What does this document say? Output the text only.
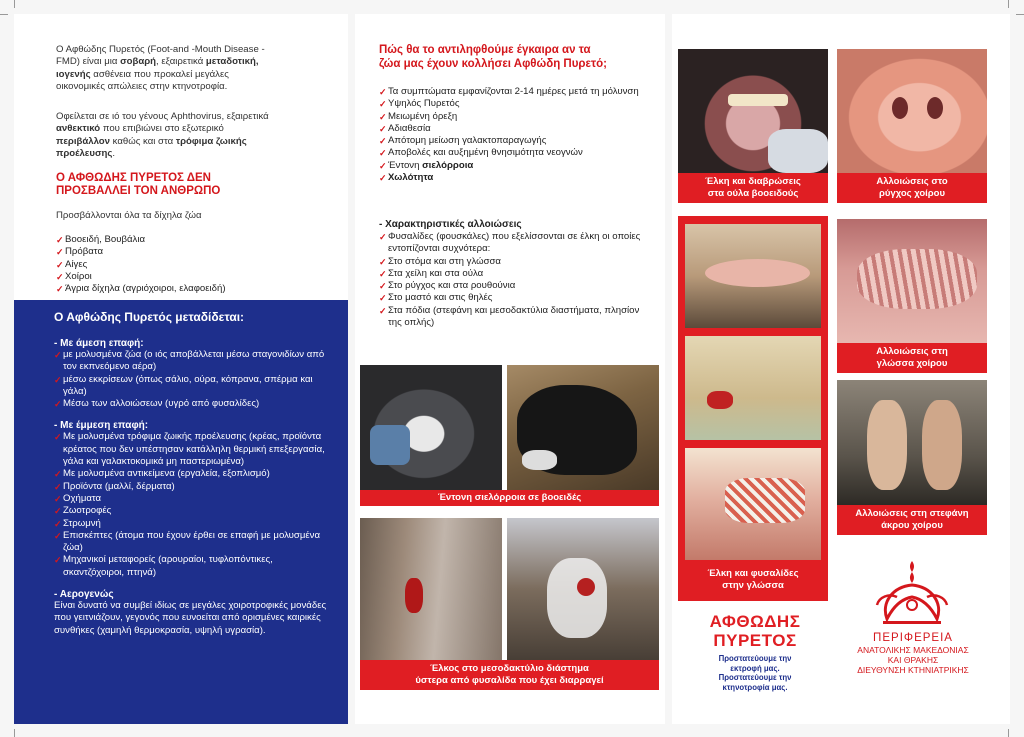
Ο Αφθώδης Πυρετός (Foot-and -Mouth Disease -
FMD) είναι μια σοβαρή, εξαιρετικά μεταδοτική,
ιογενής ασθένεια που προκαλεί μεγάλες
οικονομικές απώλειες στην κτηνοτροφία.
Οφείλεται σε ιό του γένους Aphthovirus, εξαιρετικά
ανθεκτικό που επιβιώνει στο εξωτερικό
περιβάλλον καθώς και στα τρόφιμα ζωικής
προέλευσης.
Ο ΑΦΘΩΔΗΣ ΠΥΡΕΤΟΣ ΔΕΝ
ΠΡΟΣΒΑΛΛΕΙ ΤΟΝ ΑΝΘΡΩΠΟ
Προσβάλλονται όλα τα δίχηλα ζώα
✓ Βοοειδή, Βουβάλια
✓ Πρόβατα
✓ Αίγες
✓ Χοίροι
✓ Άγρια δίχηλα (αγριόχοιροι, ελαφοειδή)
Ο Αφθώδης Πυρετός μεταδίδεται:
- Με άμεση επαφή:
✓ με μολυσμένα ζώα (ο ιός αποβάλλεται μέσω σταγονιδίων από τον εκπνεόμενο αέρα)
✓ μέσω εκκρίσεων (όπως σάλιο, ούρα, κόπρανα, σπέρμα και γάλα)
✓ Μέσω των αλλοιώσεων (υγρό από φυσαλίδες)
- Με έμμεση επαφή:
✓ Με μολυσμένα τρόφιμα ζωικής προέλευσης (κρέας, προϊόντα κρέατος που δεν υπέστησαν κατάλληλη θερμική επεξεργασία, γάλα και γαλακτοκομικά μη παστεριωμένα)
✓ Με μολυσμένα αντικείμενα (εργαλεία, εξοπλισμό)
✓ Προϊόντα (μαλλί, δέρματα)
✓ Οχήματα
✓ Ζωοτροφές
✓ Στρωμνή
✓ Επισκέπτες (άτομα που έχουν έρθει σε επαφή με μολυσμένα ζώα)
✓ Μηχανικοί μεταφορείς (αρουραίοι, τυφλοπόντικες, σκαντζόχοιροι, πτηνά)
- Αερογενώς
Είναι δυνατό να συμβεί ιδίως σε μεγάλες χοιροτροφικές μονάδες που γειτνιάζουν, γεγονός που ευνοείται από ορισμένες καιρικές συνθήκες (χαμηλή θερμοκρασία, υψηλή υγρασία).
Πώς θα το αντιληφθούμε έγκαιρα αν τα
ζώα μας έχουν κολλήσει Αφθώδη Πυρετό;
✓ Τα συμπτώματα εμφανίζονται 2-14 ημέρες μετά τη μόλυνση
✓ Υψηλός Πυρετός
✓ Μειωμένη όρεξη
✓ Αδιαθεσία
✓ Απότομη μείωση γαλακτοπαραγωγής
✓ Αποβολές και αυξημένη θνησιμότητα νεογνών
✓ Έντονη σιελόρροια
✓ Χωλότητα
- Χαρακτηριστικές αλλοιώσεις
✓ Φυσαλίδες (φουσκάλες) που εξελίσσονται σε έλκη οι οποίες εντοπίζονται συχνότερα:
✓ Στο στόμα και στη γλώσσα
✓ Στα χείλη και στα ούλα
✓ Στο ρύγχος και στα ρουθούνια
✓ Στο μαστό και στις θηλές
✓ Στα πόδια (στεφάνη και μεσοδακτύλια διαστήματα, πλησίον της οπλής)
Έντονη σιελόρροια σε βοοειδές
Έλκος στο μεσοδακτύλιο διάστημα
ύστερα από φυσαλίδα που έχει διαρραγεί
Έλκη και διαβρώσεις
στα ούλα βοοειδούς
Αλλοιώσεις στο
ρύγχος χοίρου
Έλκη και φυσαλίδες
στην γλώσσα
Αλλοιώσεις στη
γλώσσα χοίρου
Αλλοιώσεις στη στεφάνη
άκρου χοίρου
ΑΦΘΩΔΗΣ
ΠΥΡΕΤΟΣ
Προστατεύουμε την
εκτροφή μας.
Προστατεύουμε την
κτηνοτροφία μας.
ΠΕΡΙΦΕΡΕΙΑ
ΑΝΑΤΟΛΙΚΗΣ ΜΑΚΕΔΟΝΙΑΣ
ΚΑΙ ΘΡΑΚΗΣ
ΔΙΕΥΘΥΝΣΗ ΚΤΗΝΙΑΤΡΙΚΗΣ
